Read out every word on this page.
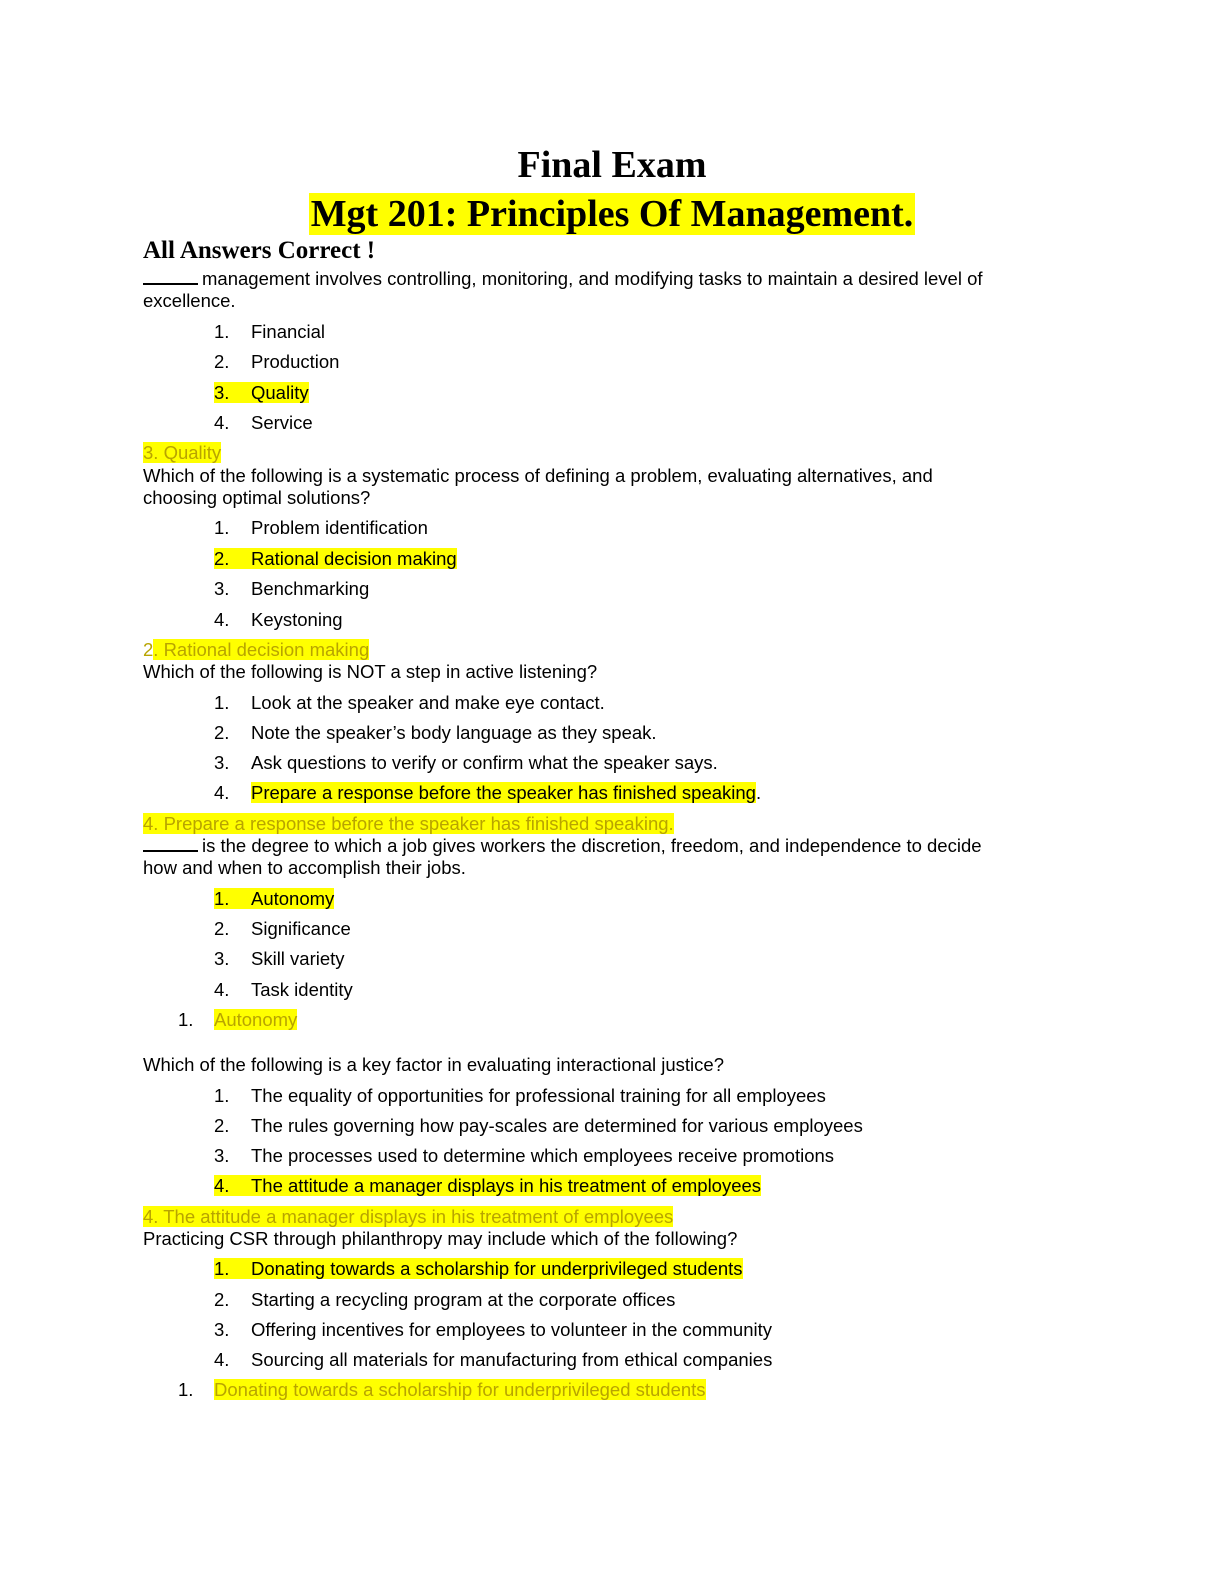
Final Exam
Mgt 201: Principles Of Management.
All Answers Correct !
management involves controlling, monitoring, and modifying tasks to maintain a desired level of
excellence.
1. Financial
2. Production
3. Quality
4. Service
3. Quality
Which of the following is a systematic process of defining a problem, evaluating alternatives, and
choosing optimal solutions?
1. Problem identification
2. Rational decision making
3. Benchmarking
4. Keystoning
2. Rational decision making
Which of the following is NOT a step in active listening?
1. Look at the speaker and make eye contact.
2. Note the speaker’s body language as they speak.
3. Ask questions to verify or confirm what the speaker says.
4. Prepare a response before the speaker has finished speaking.
4. Prepare a response before the speaker has finished speaking.
is the degree to which a job gives workers the discretion, freedom, and independence to decide
how and when to accomplish their jobs.
1. Autonomy
2. Significance
3. Skill variety
4. Task identity
1. Autonomy
Which of the following is a key factor in evaluating interactional justice?
1. The equality of opportunities for professional training for all employees
2. The rules governing how pay-scales are determined for various employees
3. The processes used to determine which employees receive promotions
4. The attitude a manager displays in his treatment of employees
4. The attitude a manager displays in his treatment of employees
Practicing CSR through philanthropy may include which of the following?
1. Donating towards a scholarship for underprivileged students
2. Starting a recycling program at the corporate offices
3. Offering incentives for employees to volunteer in the community
4. Sourcing all materials for manufacturing from ethical companies
1. Donating towards a scholarship for underprivileged students
